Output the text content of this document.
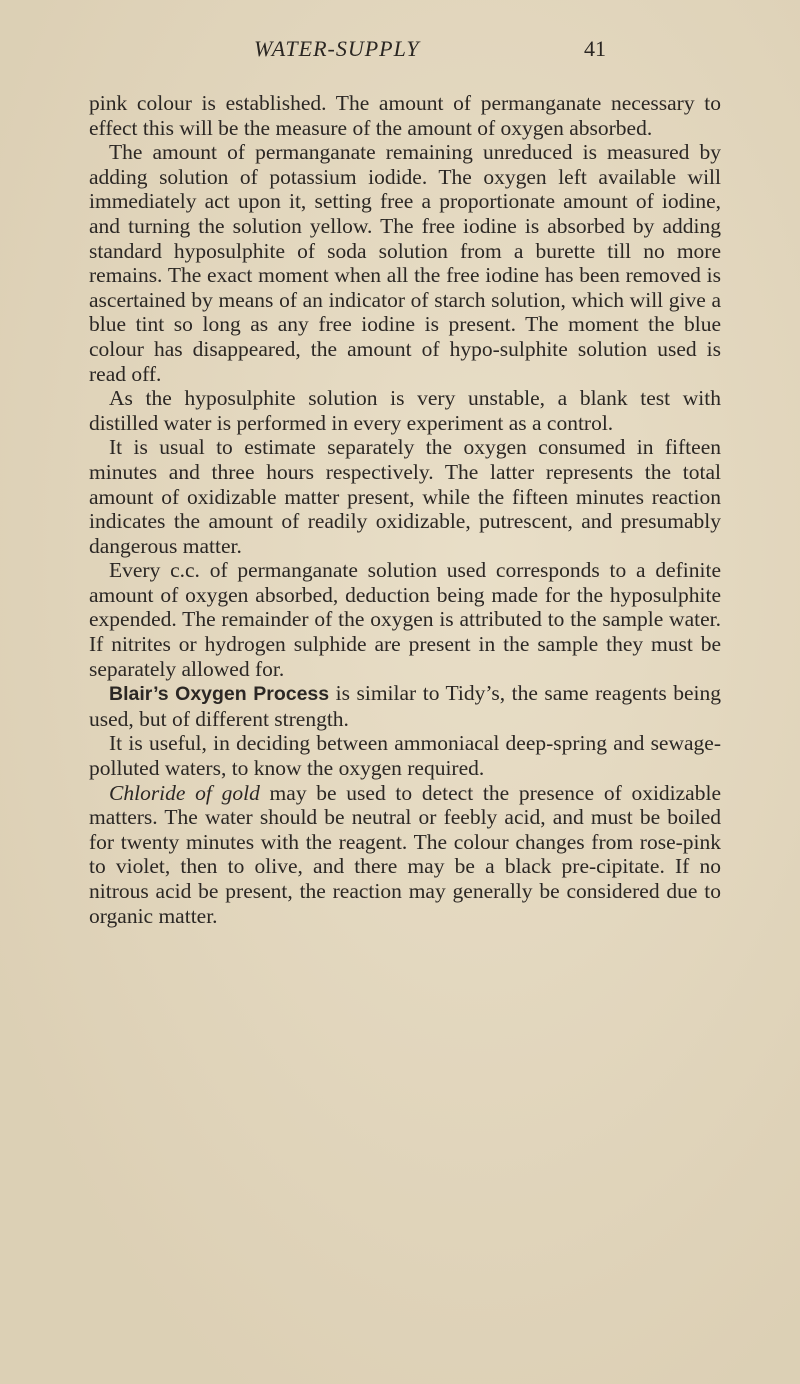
WATER-SUPPLY	41

pink colour is established. The amount of permanganate necessary to effect this will be the measure of the amount of oxygen absorbed.

The amount of permanganate remaining unreduced is measured by adding solution of potassium iodide. The oxygen left available will immediately act upon it, setting free a proportionate amount of iodine, and turning the solution yellow. The free iodine is absorbed by adding standard hyposulphite of soda solution from a burette till no more remains. The exact moment when all the free iodine has been removed is ascertained by means of an indicator of starch solution, which will give a blue tint so long as any free iodine is present. The moment the blue colour has disappeared, the amount of hypo-sulphite solution used is read off.

As the hyposulphite solution is very unstable, a blank test with distilled water is performed in every experiment as a control.

It is usual to estimate separately the oxygen consumed in fifteen minutes and three hours respectively. The latter represents the total amount of oxidizable matter present, while the fifteen minutes reaction indicates the amount of readily oxidizable, putrescent, and presumably dangerous matter.

Every c.c. of permanganate solution used corresponds to a definite amount of oxygen absorbed, deduction being made for the hyposulphite expended. The remainder of the oxygen is attributed to the sample water. If nitrites or hydrogen sulphide are present in the sample they must be separately allowed for.

Blair’s Oxygen Process is similar to Tidy’s, the same reagents being used, but of different strength.

It is useful, in deciding between ammoniacal deep-spring and sewage-polluted waters, to know the oxygen required.

Chloride of gold may be used to detect the presence of oxidizable matters. The water should be neutral or feebly acid, and must be boiled for twenty minutes with the reagent. The colour changes from rose-pink to violet, then to olive, and there may be a black pre-cipitate. If no nitrous acid be present, the reaction may generally be considered due to organic matter.
